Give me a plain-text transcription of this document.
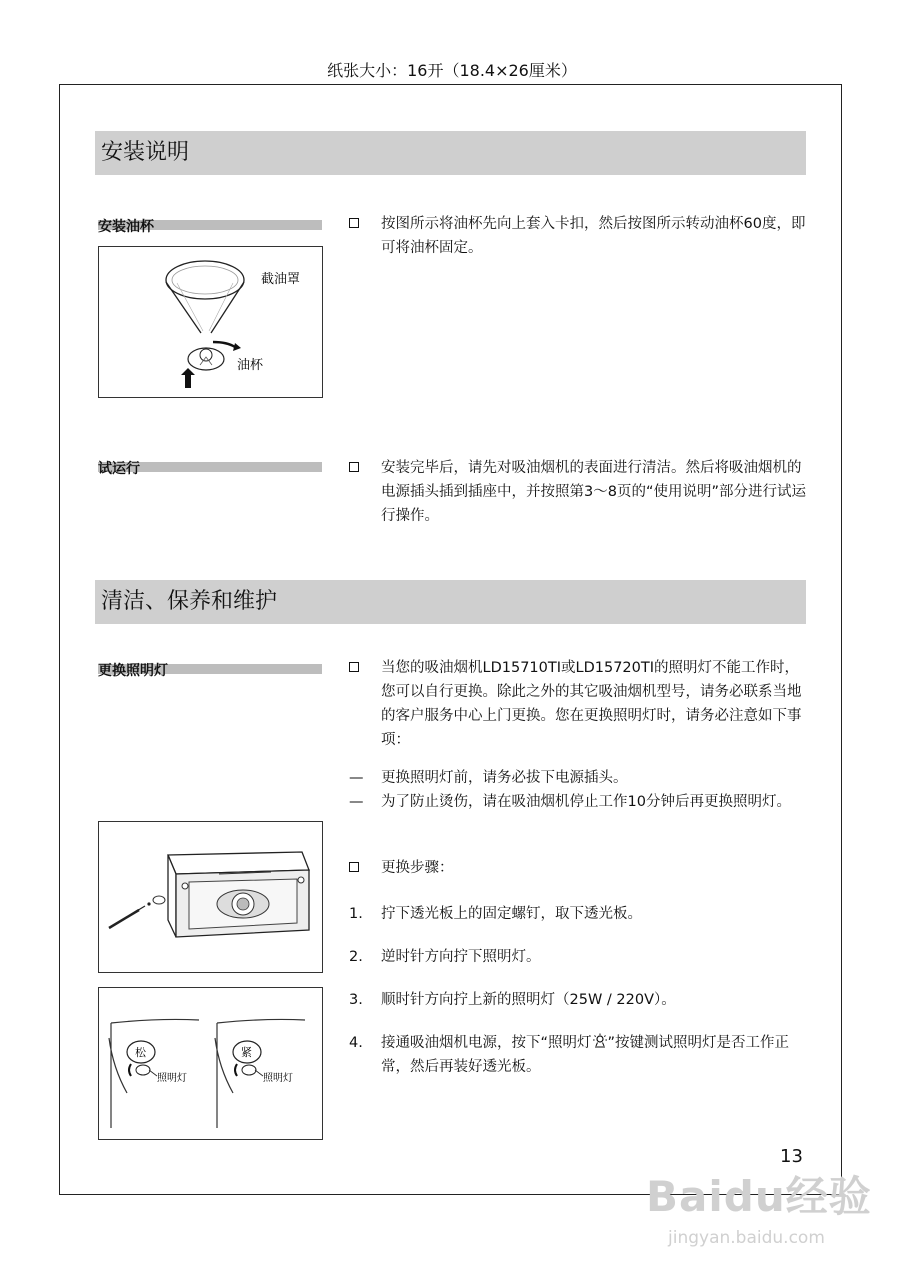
纸张大小：16开（18.4×26厘米）
安装说明
安装油杯
截油罩
油杯
按图所示将油杯先向上套入卡扣，然后按图所示转动油杯60度，即可将油杯固定。
试运行	安装完毕后，请先对吸油烟机的表面进行清洁。然后将吸油烟机的电源插头插到插座中，并按照第3～8页的“使用说明”部分进行试运行操作。
清洁、保养和维护
更换照明灯	当您的吸油烟机LD15710TI或LD15720TI的照明灯不能工作时，您可以自行更换。除此之外的其它吸油烟机型号，请务必联系当地的客户服务中心上门更换。您在更换照明灯时，请务必注意如下事项：
— 更换照明灯前，请务必拔下电源插头。
— 为了防止烫伤，请在吸油烟机停止工作10分钟后再更换照明灯。
更换步骤：
1. 拧下透光板上的固定螺钉，取下透光板。
2. 逆时针方向拧下照明灯。
3. 顺时针方向拧上新的照明灯（25W / 220V）。
4. 接通吸油烟机电源，按下“照明灯 ”按键测试照明灯是否工作正常，然后再装好透光板。
松	紧
照明灯	照明灯
13
Baidu经验
jingyan.baidu.com
